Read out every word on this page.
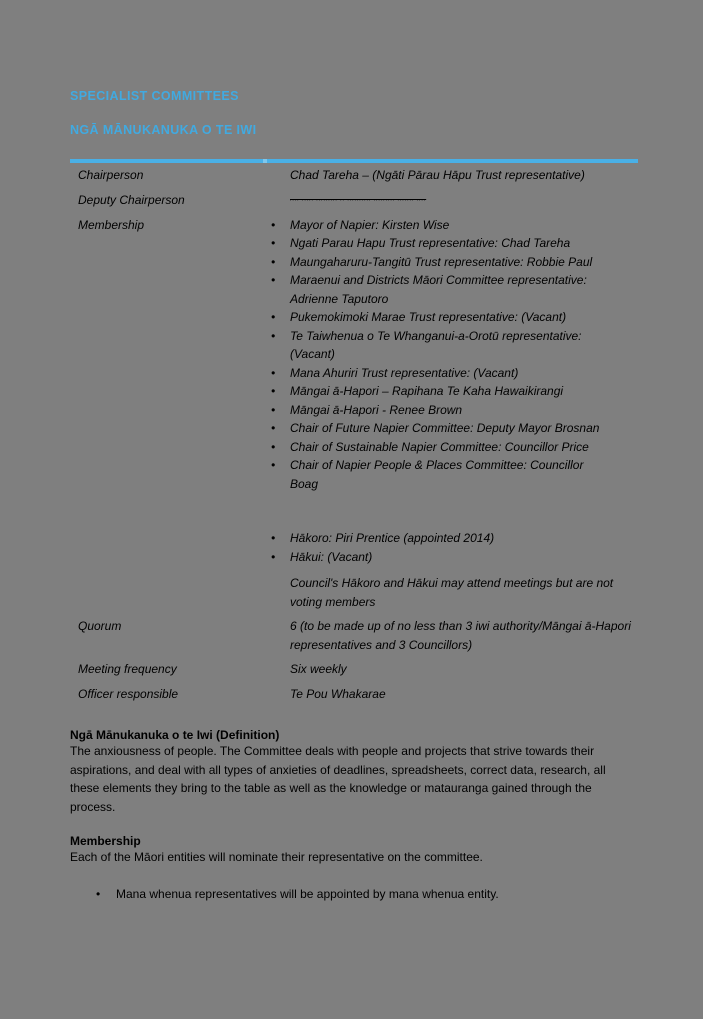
SPECIALIST COMMITTEES
NGĀ MĀNUKANUKA O TE IWI
Chairperson	Chad Tareha – (Ngāti Pārau Hāpu Trust representative)
Deputy Chairperson	.... ..... ......... .. .......... ......... ....... ....
Membership	• Mayor of Napier: Kirsten Wise
• Ngati Parau Hapu Trust representative: Chad Tareha
• Maungaharuru-Tangitū Trust representative: Robbie Paul
• Maraenui and Districts Māori Committee representative: Adrienne Taputoro
• Pukemokimoki Marae Trust representative: (Vacant)
• Te Taiwhenua o Te Whanganui-a-Orotū representative: (Vacant)
• Mana Ahuriri Trust representative: (Vacant)
• Māngai ā-Hapori – Rapihana Te Kaha Hawaikirangi
• Māngai ā-Hapori - Renee Brown
• Chair of Future Napier Committee: Deputy Mayor Brosnan
• Chair of Sustainable Napier Committee: Councillor Price
• Chair of Napier People & Places Committee: Councillor Boag
• Hākoro: Piri Prentice (appointed 2014)
• Hākui: (Vacant)

Council's Hākoro and Hākui may attend meetings but are not voting members

Quorum	6 (to be made up of no less than 3 iwi authority/Māngai ā-Hapori representatives and 3 Councillors)
Meeting frequency	Six weekly
Officer responsible	Te Pou Whakarae
Ngā Mānukanuka o te Iwi (Definition)

The anxiousness of people. The Committee deals with people and projects that strive towards their aspirations, and deal with all types of anxieties of deadlines, spreadsheets, correct data, research, all these elements they bring to the table as well as the knowledge or matauranga gained through the process.

Membership

Each of the Māori entities will nominate their representative on the committee.

• Mana whenua representatives will be appointed by mana whenua entity.
